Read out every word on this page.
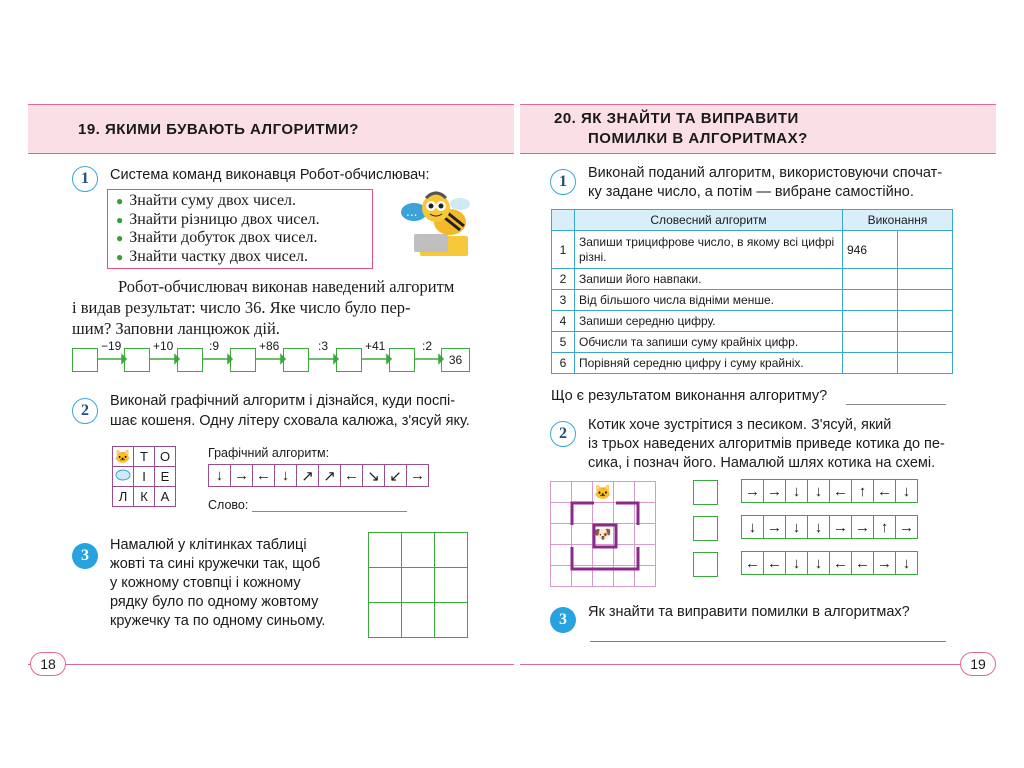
19. ЯКИМИ БУВАЮТЬ АЛГОРИТМИ?
20. ЯК ЗНАЙТИ ТА ВИПРАВИТИ
ПОМИЛКИ В АЛГОРИТМАХ?
1	Система команд виконавця Робот-обчислювач:
● Знайти суму двох чисел.
● Знайти різницю двох чисел.
● Знайти добуток двох чисел.
● Знайти частку двох чисел.
...
Робот-обчислювач виконав наведений алгоритм
і видав результат: число 36. Яке число було пер-
шим? Заповни ланцюжок дій.
36
−19	+10	:9	+86	:3	+41	:2
2
Виконай графічний алгоритм і дізнайся, куди поспі-
шає кошеня. Одну літеру сховала калюжа, з'ясуй яку.
🐱	Т	О
	І	Е
Л	К	А
Графічний алгоритм:
↓	→	←	↓	↗	↗	←	↘	↙	→
Слово:
3
Намалюй у клітинках таблиці
жовті та сині кружечки так, щоб
у кожному стовпці і кожному
рядку було по одному жовтому
кружечку та по одному синьому.

18
1	Виконай поданий алгоритм, використовуючи спочат-
ку задане число, а потім — вибране самостійно.
	Словесний алгоритм	Виконання	
1	Запиши трицифрове число, в якому всі цифрі різні.	946	
2	Запиши його навпаки.		
3	Від більшого числа відніми менше.		
4	Запиши середню цифру.		
5	Обчисли та запиши суму крайніх цифр.		
6	Порівняй середню цифру і суму крайніх.		
Що є результатом виконання алгоритму?
2	Котик хоче зустрітися з песиком. З'ясуй, який
із трьох наведених алгоритмів приведе котика до пе-
сика, і познач його. Намалюй шлях котика на схемі.
		🐱		

		🐶		

→	→	↓	↓	←	↑	←	↓
↓	→	↓	↓	→	→	↑	→
←	←	↓	↓	←	←	→	↓
3	Як знайти та виправити помилки в алгоритмах?
19
